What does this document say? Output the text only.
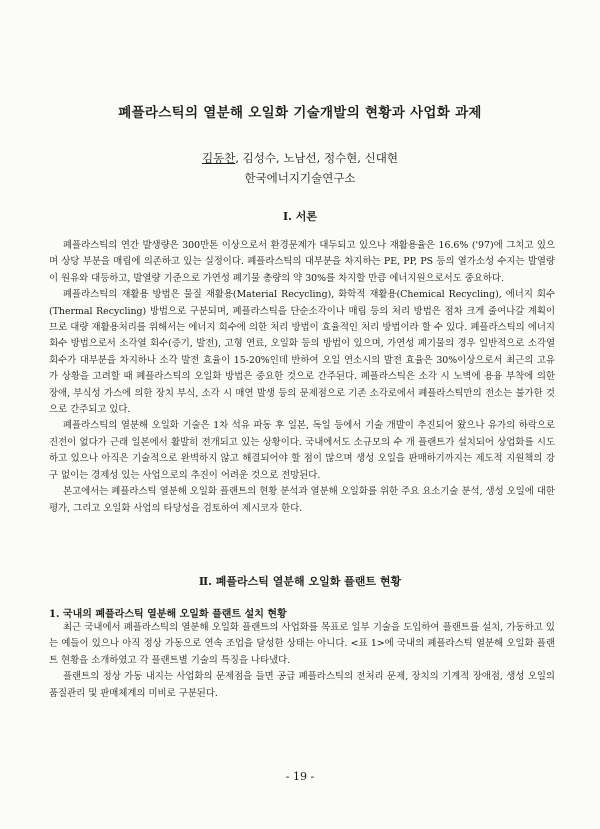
폐플라스틱의 열분해 오일화 기술개발의 현황과 사업화 과제
김동찬, 김성수, 노남선, 정수현, 신대현
한국에너지기술연구소
Ⅰ. 서론

폐플라스틱의 연간 발생량은 300만톤 이상으로서 환경문제가 대두되고 있으나 재활용율은 16.6% ('97)에 그치고 있으며 상당 부분을 매립에 의존하고 있는 실정이다. 폐플라스틱의 대부분을 차지하는 PE, PP, PS 등의 열가소성 수지는 발열량이 원유와 대등하고, 발열량 기준으로 가연성 폐기물 총량의 약 30%를 차지할 만큼 에너지원으로서도 중요하다.

폐플라스틱의 재활용 방법은 물질 재활용(Material Recycling), 화학적 재활용(Chemical Recycling), 에너지 회수(Thermal Recycling) 방법으로 구분되며, 폐플라스틱을 단순소각이나 매립 등의 처리 방법은 점차 크게 줄여나갈 계획이므로 대량 재활용처리를 위해서는 에너지 회수에 의한 처리 방법이 효율적인 처리 방법이라 할 수 있다. 폐플라스틱의 에너지 회수 방법으로서 소각열 회수(증기, 발전), 고형 연료, 오일화 등의 방법이 있으며, 가연성 폐기물의 경우 일반적으로 소각열 회수가 대부분을 차지하나 소각 발전 효율이 15-20%인데 반하여 오일 연소시의 발전 효율은 30%이상으로서 최근의 고유가 상황을 고려할 때 폐플라스틱의 오일화 방법은 중요한 것으로 간주된다. 폐플라스틱은 소각 시 노벽에 용융 부착에 의한 장애, 부식성 가스에 의한 장치 부식, 소각 시 매연 발생 등의 문제점으로 기존 소각로에서 폐플라스틱만의 전소는 불가한 것으로 간주되고 있다.

폐플라스틱의 열분해 오일화 기술은 1차 석유 파동 후 일본, 독일 등에서 기술 개발이 추진되어 왔으나 유가의 하락으로 진전이 없다가 근래 일본에서 활발히 전개되고 있는 상황이다. 국내에서도 소규모의 수 개 플랜트가 설치되어 상업화를 시도하고 있으나 아직은 기술적으로 완벽하지 않고 해결되어야 할 점이 많으며 생성 오일을 판매하기까지는 제도적 지원책의 강구 없이는 경제성 있는 사업으로의 추진이 어려운 것으로 전망된다.

본고에서는 폐플라스틱 열분해 오일화 플랜트의 현황 분석과 열분해 오일화를 위한 주요 요소기술 분석, 생성 오일에 대한 평가, 그리고 오일화 사업의 타당성을 검토하여 제시코자 한다.

Ⅱ. 폐플라스틱 열분해 오일화 플랜트 현황
1. 국내의 폐플라스틱 열분해 오일화 플랜트 설치 현황

최근 국내에서 폐플라스틱의 열분해 오일화 플랜트의 사업화를 목표로 일부 기술을 도입하여 플랜트를 설치, 가동하고 있는 예들이 있으나 아직 정상 가동으로 연속 조업을 달성한 상태는 아니다. <표 1>에 국내의 폐플라스틱 열분해 오일화 플랜트 현황을 소개하였고 각 플랜트별 기술의 특징을 나타냈다.

플랜트의 정상 가동 내지는 사업화의 문제점을 들면 공급 폐플라스틱의 전처리 문제, 장치의 기계적 장애점, 생성 오일의 품질관리 및 판매체계의 미비로 구분된다.

- 19 -
